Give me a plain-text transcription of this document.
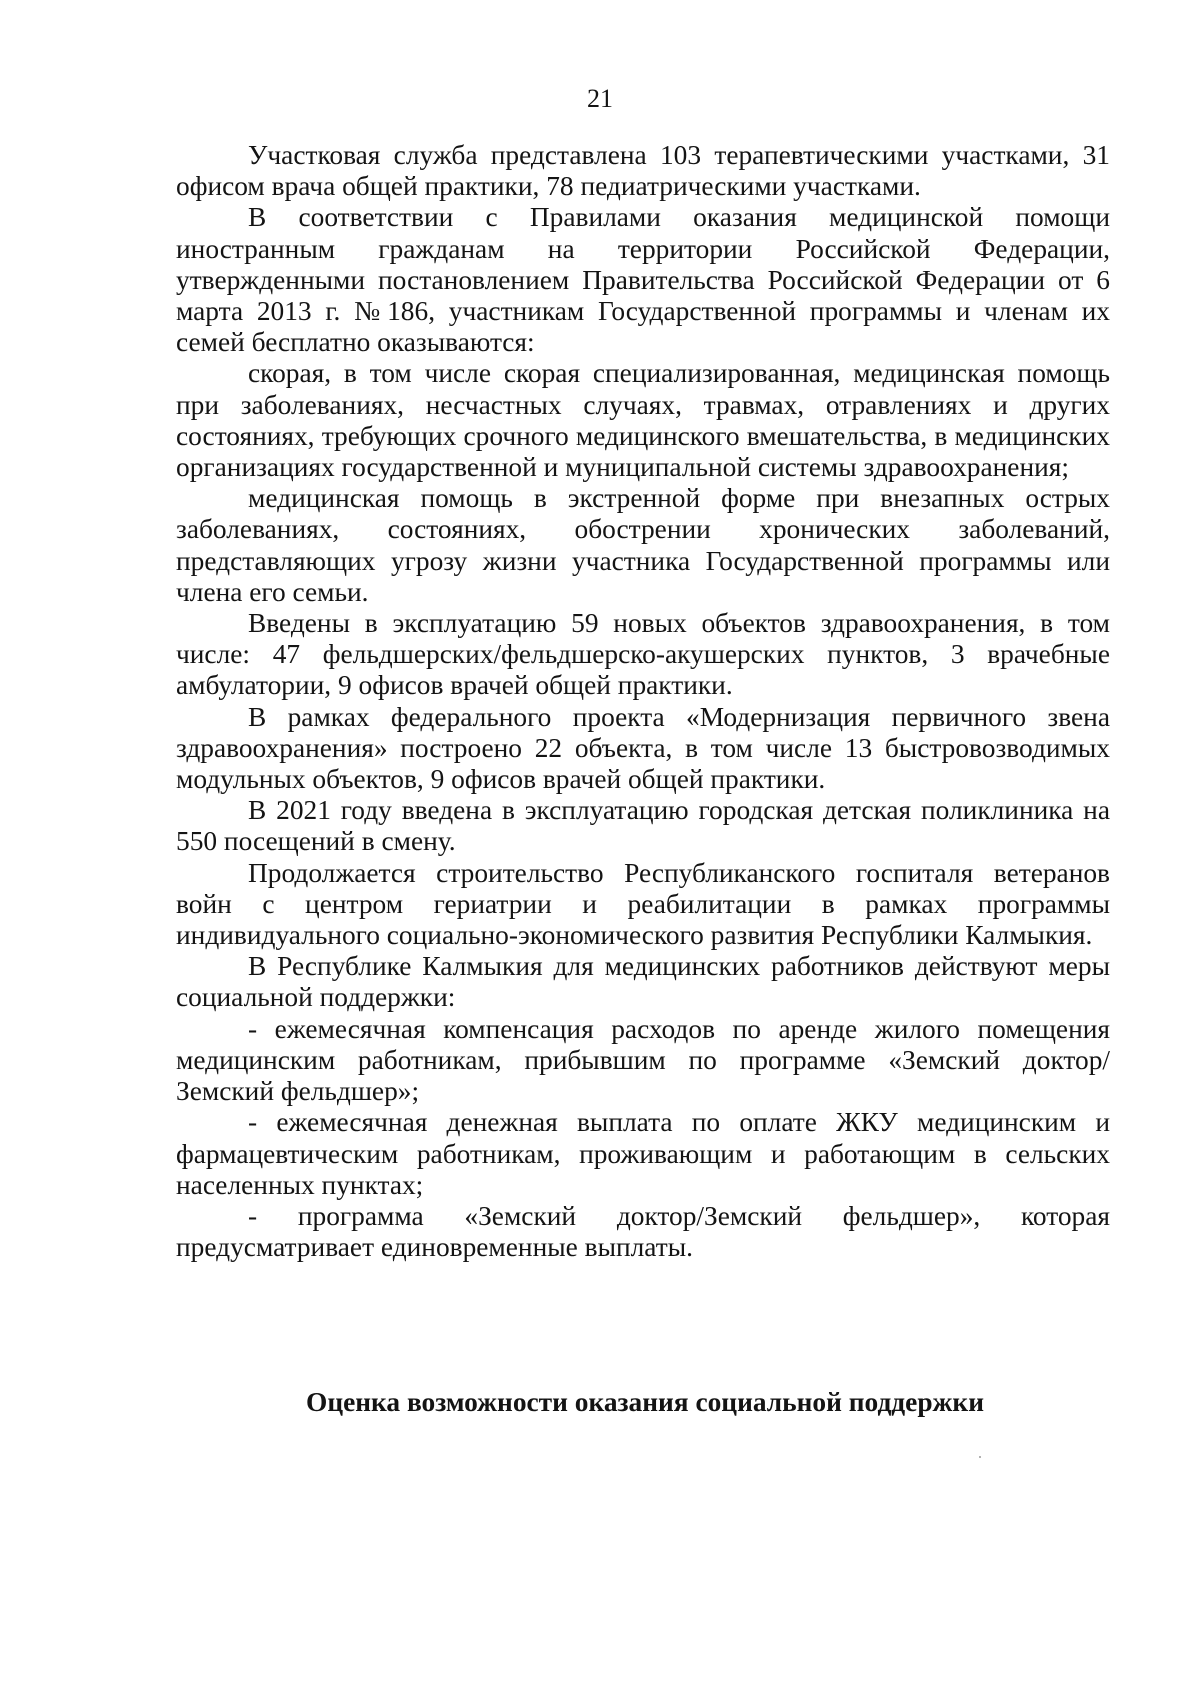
21

Участковая служба представлена 103 терапевтическими участками, 31 офисом врача общей практики, 78 педиатрическими участками.

В соответствии с Правилами оказания медицинской помощи иностранным гражданам на территории Российской Федерации, утвержденными постановлением Правительства Российской Федерации от 6 марта 2013 г. №186, участникам Государственной программы и членам их семей бесплатно оказываются:

скорая, в том числе скорая специализированная, медицинская помощь при заболеваниях, несчастных случаях, травмах, отравлениях и других состояниях, требующих срочного медицинского вмешательства, в медицинских организациях государственной и муниципальной системы здравоохранения;

медицинская помощь в экстренной форме при внезапных острых заболеваниях, состояниях, обострении хронических заболеваний, представляющих угрозу жизни участника Государственной программы или члена его семьи.

Введены в эксплуатацию 59 новых объектов здравоохранения, в том числе: 47 фельдшерских/фельдшерско-акушерских пунктов, 3 врачебные амбулатории, 9 офисов врачей общей практики.

В рамках федерального проекта «Модернизация первичного звена здравоохранения» построено 22 объекта, в том числе 13 быстровозводимых модульных объектов, 9 офисов врачей общей практики.

В 2021 году введена в эксплуатацию городская детская поликлиника на 550 посещений в смену.

Продолжается строительство Республиканского госпиталя ветеранов войн с центром гериатрии и реабилитации в рамках программы индивидуального социально-экономического развития Республики Калмыкия.

В Республике Калмыкия для медицинских работников действуют меры социальной поддержки:

- ежемесячная компенсация расходов по аренде жилого помещения медицинским работникам, прибывшим по программе «Земский доктор/Земский фельдшер»;

- ежемесячная денежная выплата по оплате ЖКУ медицинским и фармацевтическим работникам, проживающим и работающим в сельских населенных пунктах;

- программа «Земский доктор/Земский фельдшер», которая предусматривает единовременные выплаты.

Оценка возможности оказания социальной поддержки
